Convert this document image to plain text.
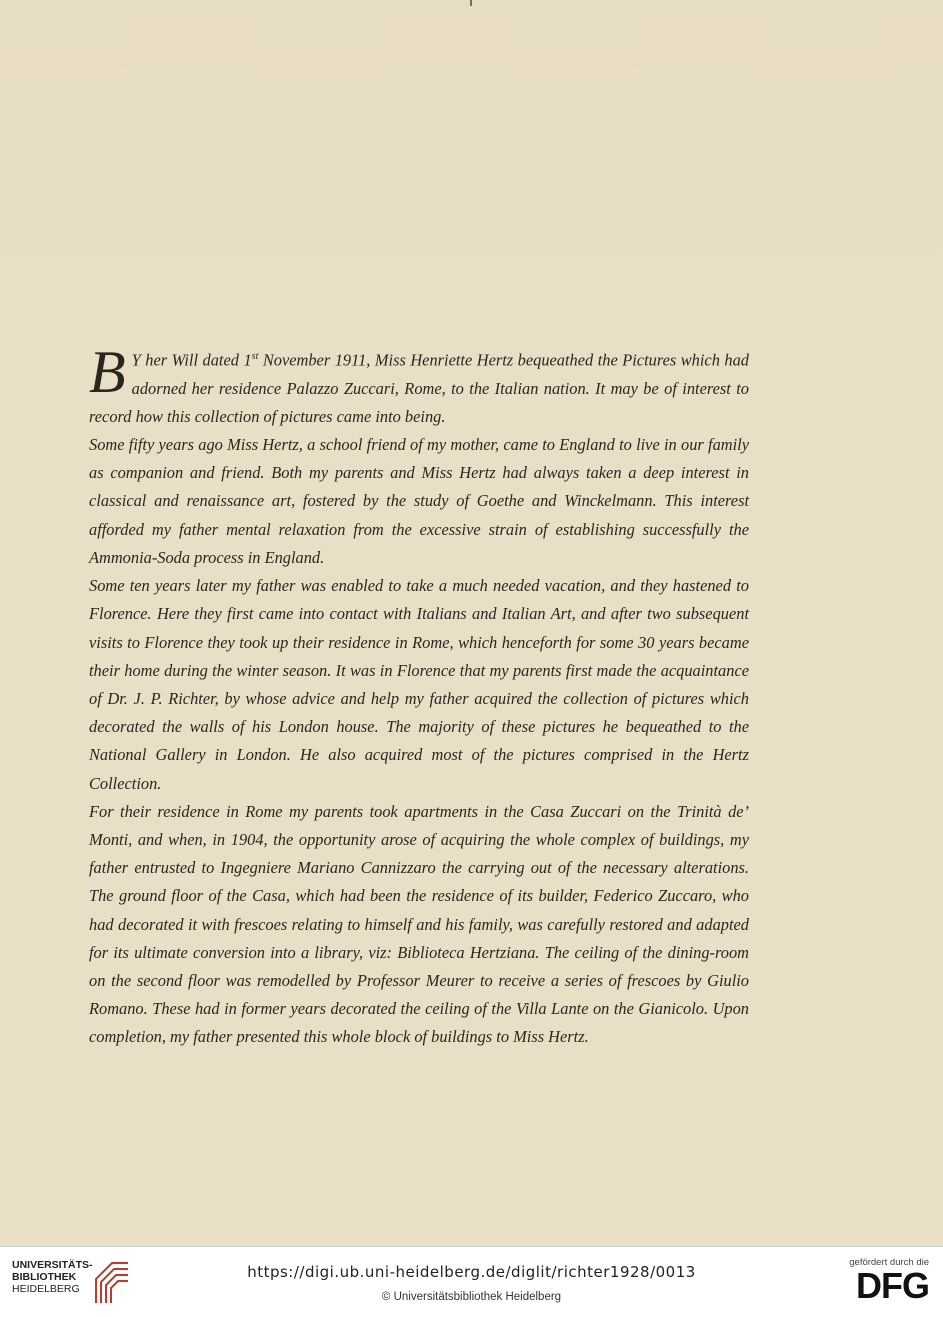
B Y her Will dated 1st November 1911, Miss Henriette Hertz bequeathed the Pictures which had adorned her residence Palazzo Zuccari, Rome, to the Italian nation. It may be of interest to record how this collection of pictures came into being.

Some fifty years ago Miss Hertz, a school friend of my mother, came to England to live in our family as companion and friend. Both my parents and Miss Hertz had always taken a deep interest in classical and renaissance art, fostered by the study of Goethe and Winckelmann. This interest afforded my father mental relaxation from the excessive strain of establishing successfully the Ammonia-Soda process in England.

Some ten years later my father was enabled to take a much needed vacation, and they hastened to Florence. Here they first came into contact with Italians and Italian Art, and after two subsequent visits to Florence they took up their residence in Rome, which henceforth for some 30 years became their home during the winter season. It was in Florence that my parents first made the acquaintance of Dr. J. P. Richter, by whose advice and help my father acquired the collection of pictures which decorated the walls of his London house. The majority of these pictures he bequeathed to the National Gallery in London. He also acquired most of the pictures comprised in the Hertz Collection.

For their residence in Rome my parents took apartments in the Casa Zuccari on the Trinità de’ Monti, and when, in 1904, the opportunity arose of acquiring the whole complex of buildings, my father entrusted to Ingegniere Mariano Cannizzaro the carrying out of the necessary alterations. The ground floor of the Casa, which had been the residence of its builder, Federico Zuccaro, who had decorated it with frescoes relating to himself and his family, was carefully restored and adapted for its ultimate conversion into a library, viz: Biblioteca Hertziana. The ceiling of the dining-room on the second floor was remodelled by Professor Meurer to receive a series of frescoes by Giulio Romano. These had in former years decorated the ceiling of the Villa Lante on the Gianicolo. Upon completion, my father presented this whole block of buildings to Miss Hertz.

UNIVERSITÄTS-
BIBLIOTHEK
HEIDELBERG
https://digi.ub.uni-heidelberg.de/diglit/richter1928/0013
© Universitätsbibliothek Heidelberg
gefördert durch die
DFG
